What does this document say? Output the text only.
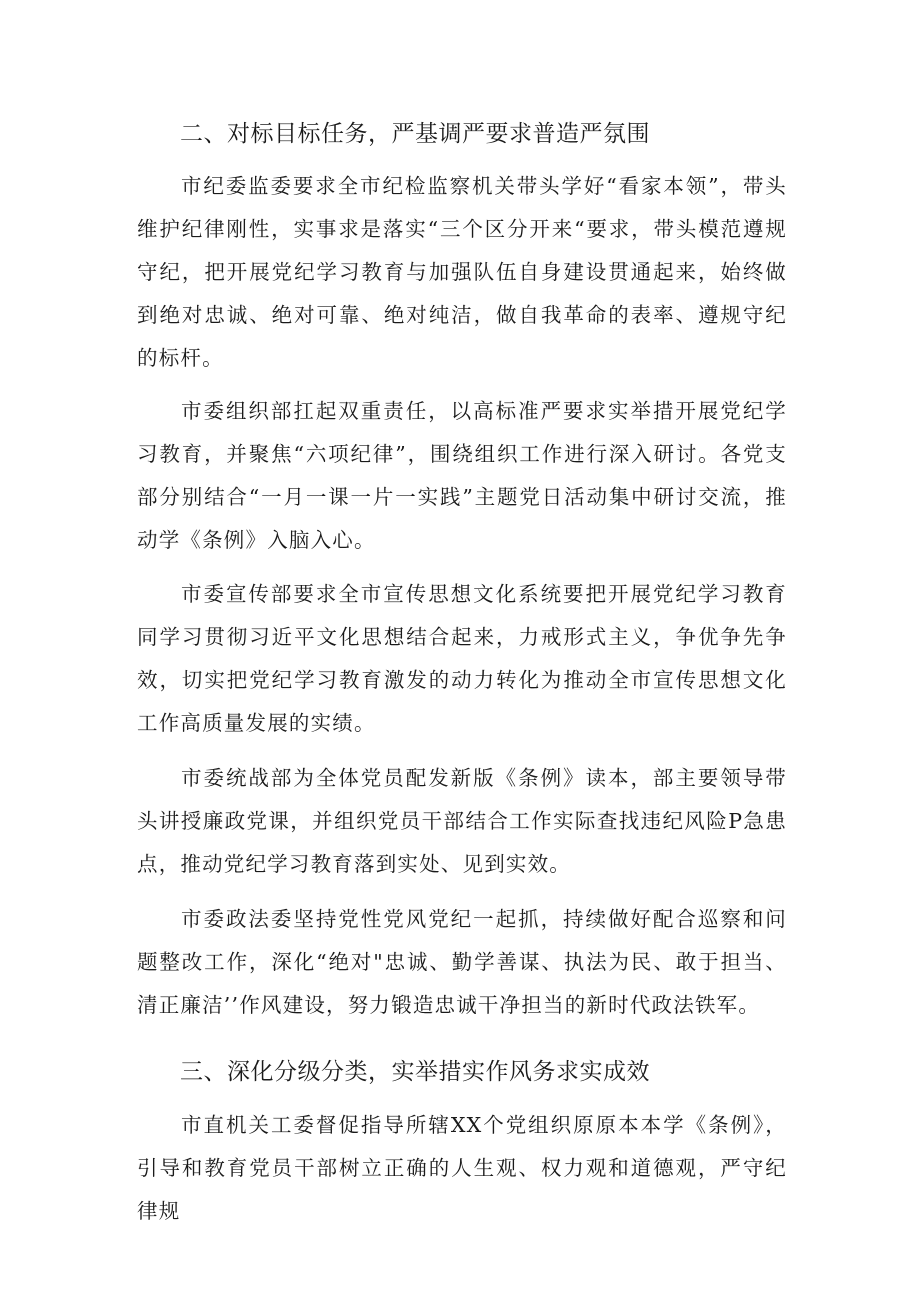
二、对标目标任务，严基调严要求普造严氛围
市纪委监委要求全市纪检监察机关带头学好“看家本领”，带头维护纪律刚性，实事求是落实“三个区分开来“要求，带头模范遵规守纪，把开展党纪学习教育与加强队伍自身建设贯通起来，始终做到绝对忠诚、绝对可靠、绝对纯洁，做自我革命的表率、遵规守纪的标杆。
市委组织部扛起双重责任，以高标准严要求实举措开展党纪学习教育，并聚焦“六项纪律”，围绕组织工作进行深入研讨。各党支部分别结合“一月一课一片一实践”主题党日活动集中研讨交流，推动学《条例》入脑入心。
市委宣传部要求全市宣传思想文化系统要把开展党纪学习教育同学习贯彻习近平文化思想结合起来，力戒形式主义，争优争先争效，切实把党纪学习教育激发的动力转化为推动全市宣传思想文化工作高质量发展的实绩。
市委统战部为全体党员配发新版《条例》读本，部主要领导带头讲授廉政党课，并组织党员干部结合工作实际查找违纪风险P急患点，推动党纪学习教育落到实处、见到实效。
市委政法委坚持党性党风党纪一起抓，持续做好配合巡察和问题整改工作，深化“绝对"忠诚、勤学善谋、执法为民、敢于担当、清正廉洁’’作风建设，努力锻造忠诚干净担当的新时代政法铁军。
三、深化分级分类，实举措实作风务求实成效
市直机关工委督促指导所辖XX个党组织原原本本学《条例》，引导和教育党员干部树立正确的人生观、权力观和道德观，严守纪律规
